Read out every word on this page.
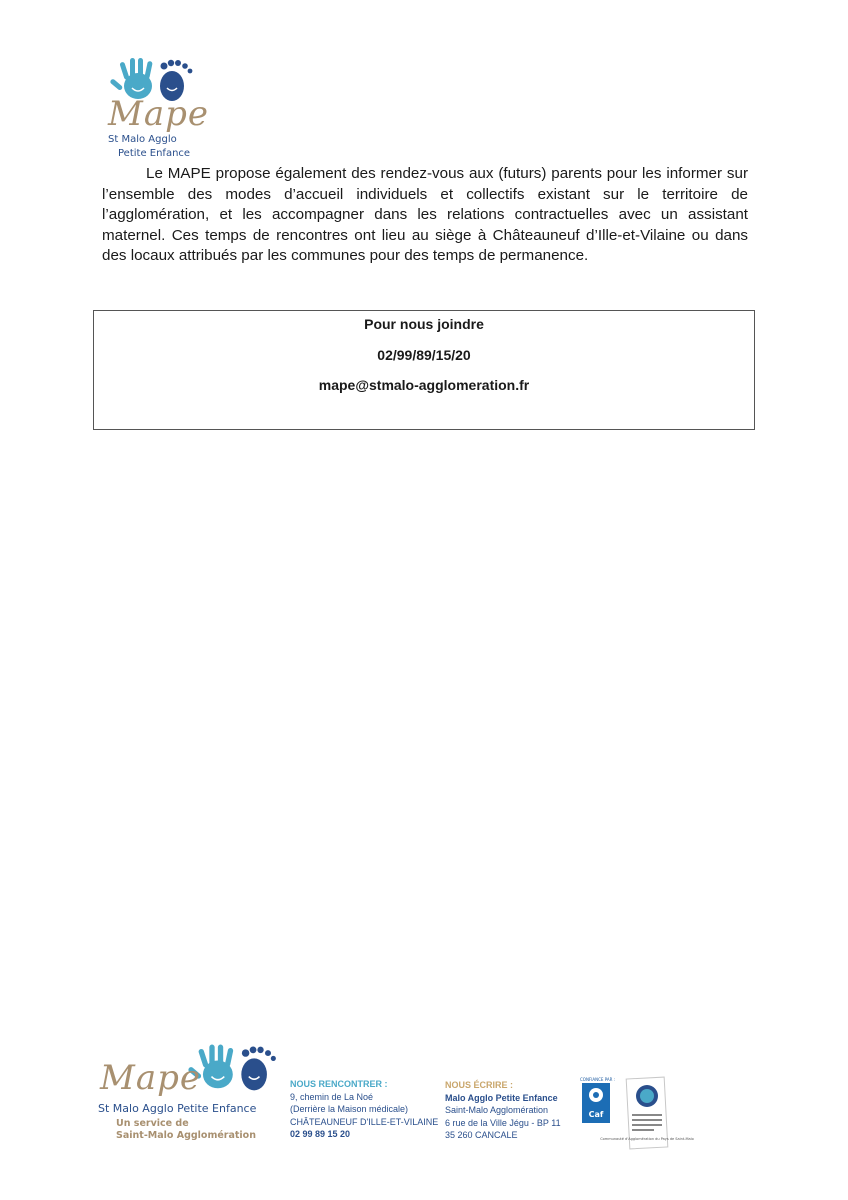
Mape
St Malo Agglo
Petite Enfance

Le MAPE propose également des rendez-vous aux (futurs) parents pour les informer sur l’ensemble des modes d’accueil individuels et collectifs existant sur le territoire de l’agglomération, et les accompagner dans les relations contractuelles avec un assistant maternel. Ces temps de rencontres ont lieu au siège à Châteauneuf d’Ille-et-Vilaine ou dans des locaux attribués par les communes pour des temps de permanence.

Pour nous joindre
02/99/89/15/20
mape@stmalo-agglomeration.fr
Mape
St Malo Agglo Petite Enfance
Un service de
Saint-Malo Agglomération
NOUS RENCONTRER :
9, chemin de La Noé
(Derrière la Maison médicale)
CHÂTEAUNEUF D'ILLE-ET-VILAINE
02 99 89 15 20
NOUS ÉCRIRE :
Malo Agglo Petite Enfance
Saint-Malo Agglomération
6 rue de la Ville Jégu - BP 11
35 260 CANCALE
CONFIANCE PAR :
Caf
Communauté d'Agglomération du Pays de Saint-Malo
